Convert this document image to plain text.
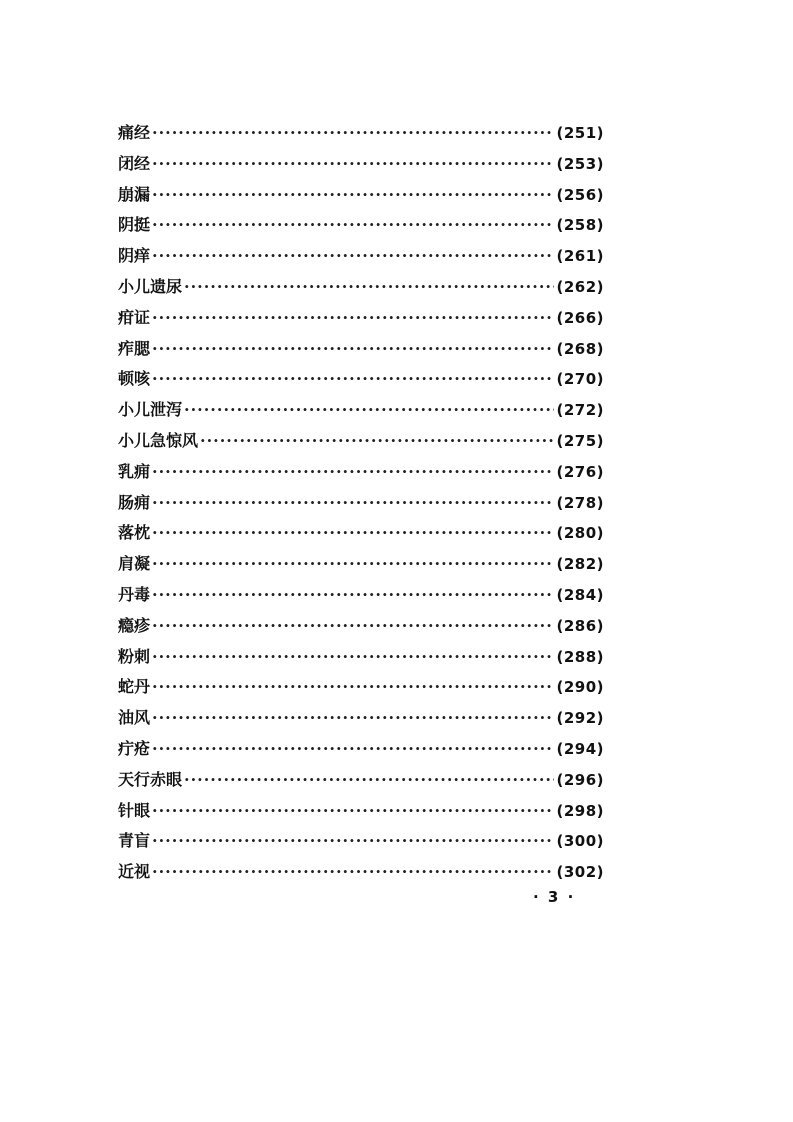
痛经 ·····	(251)
闭经 ·····	(253)
崩漏 ·····	(256)
阴挺 ·····	(258)
阴痒 ·····	(261)
小儿遗尿 ·····	(262)
疳证 ·····	(266)
痄腮 ·····	(268)
顿咳 ·····	(270)
小儿泄泻 ·····	(272)
小儿急惊风 ·····	(275)
乳痈 ·····	(276)
肠痈 ·····	(278)
落枕 ·····	(280)
肩凝 ·····	(282)
丹毒 ·····	(284)
瘾疹 ·····	(286)
粉刺 ·····	(288)
蛇丹 ·····	(290)
油风 ·····	(292)
疔疮 ·····	(294)
天行赤眼 ·····	(296)
针眼 ·····	(298)
青盲 ·····	(300)
近视 ·····	(302)
· 3 ·
